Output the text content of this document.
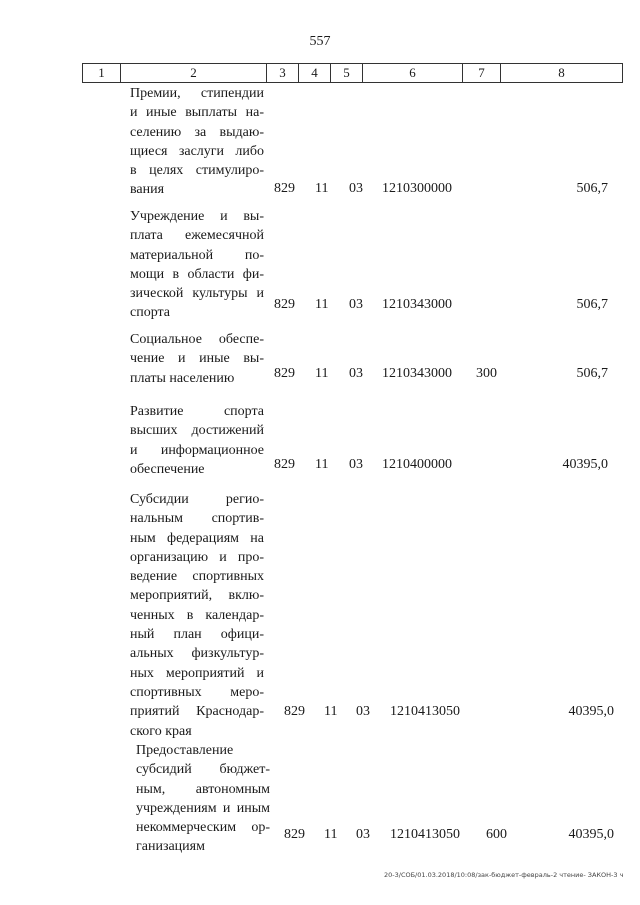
557
1	2	3	4	5	6	7	8
Премии, стипендии
и иные выплаты на-
селению за выдаю-
щиеся заслуги либо
в целях стимулиро-
вания	829 11 03 1210300000	506,7
Учреждение и вы-
плата ежемесячной
материальной по-
мощи в области фи-
зической культуры и
спорта
829 11 03 1210343000	506,7
Социальное обеспе-
чение и иные вы-
платы населению	829 11 03 1210343000 300	506,7
Развитие спорта
высших достижений
и информационное
обеспечение	829 11 03 1210400000	40395,0
Субсидии регио-
нальным спортив-
ным федерациям на
организацию и про-
ведение спортивных
мероприятий, вклю-
ченных в календар-
ный план офици-
альных физкультур-
ных мероприятий и
спортивных меро-
приятий Краснодар-
ского края
829 11 03 1210413050	40395,0
Предоставление
субсидий бюджет-
ным, автономным
учреждениям и иным
некоммерческим ор-
ганизациям
829 11 03 1210413050 600	40395,0
20-3/СОБ/01.03.2018/10:08/зак-бюджет-февраль-2 чтение- ЗАКОН-3 ч
